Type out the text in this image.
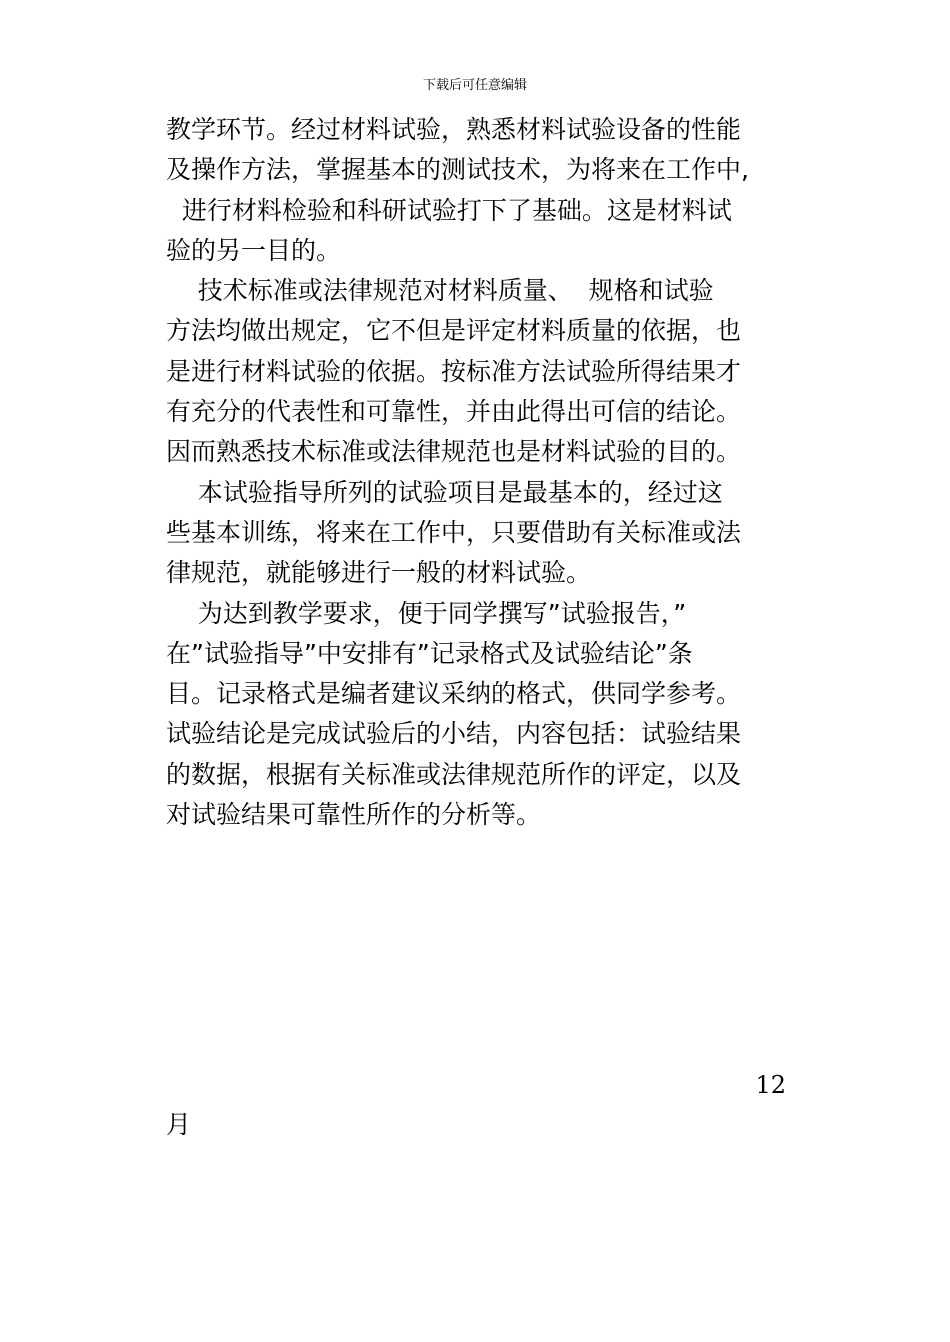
下载后可任意编辑
教学环节。经过材料试验，熟悉材料试验设备的性能
及操作方法，掌握基本的测试技术，为将来在工作中,
进行材料检验和科研试验打下了基础。这是材料试
验的另一目的。
技术标准或法律规范对材料质量、  规格和试验
方法均做出规定，它不但是评定材料质量的依据，也
是进行材料试验的依据。按标准方法试验所得结果才
有充分的代表性和可靠性，并由此得出可信的结论。
因而熟悉技术标准或法律规范也是材料试验的目的。
本试验指导所列的试验项目是最基本的，经过这
些基本训练，将来在工作中，只要借助有关标准或法
律规范，就能够进行一般的材料试验。
为达到教学要求，便于同学撰写”试验报告，”
在”试验指导”中安排有”记录格式及试验结论”条
目。记录格式是编者建议采纳的格式，供同学参考。
试验结论是完成试验后的小结，内容包括：试验结果
的数据，根据有关标准或法律规范所作的评定，以及
对试验结果可靠性所作的分析等。
12
月
